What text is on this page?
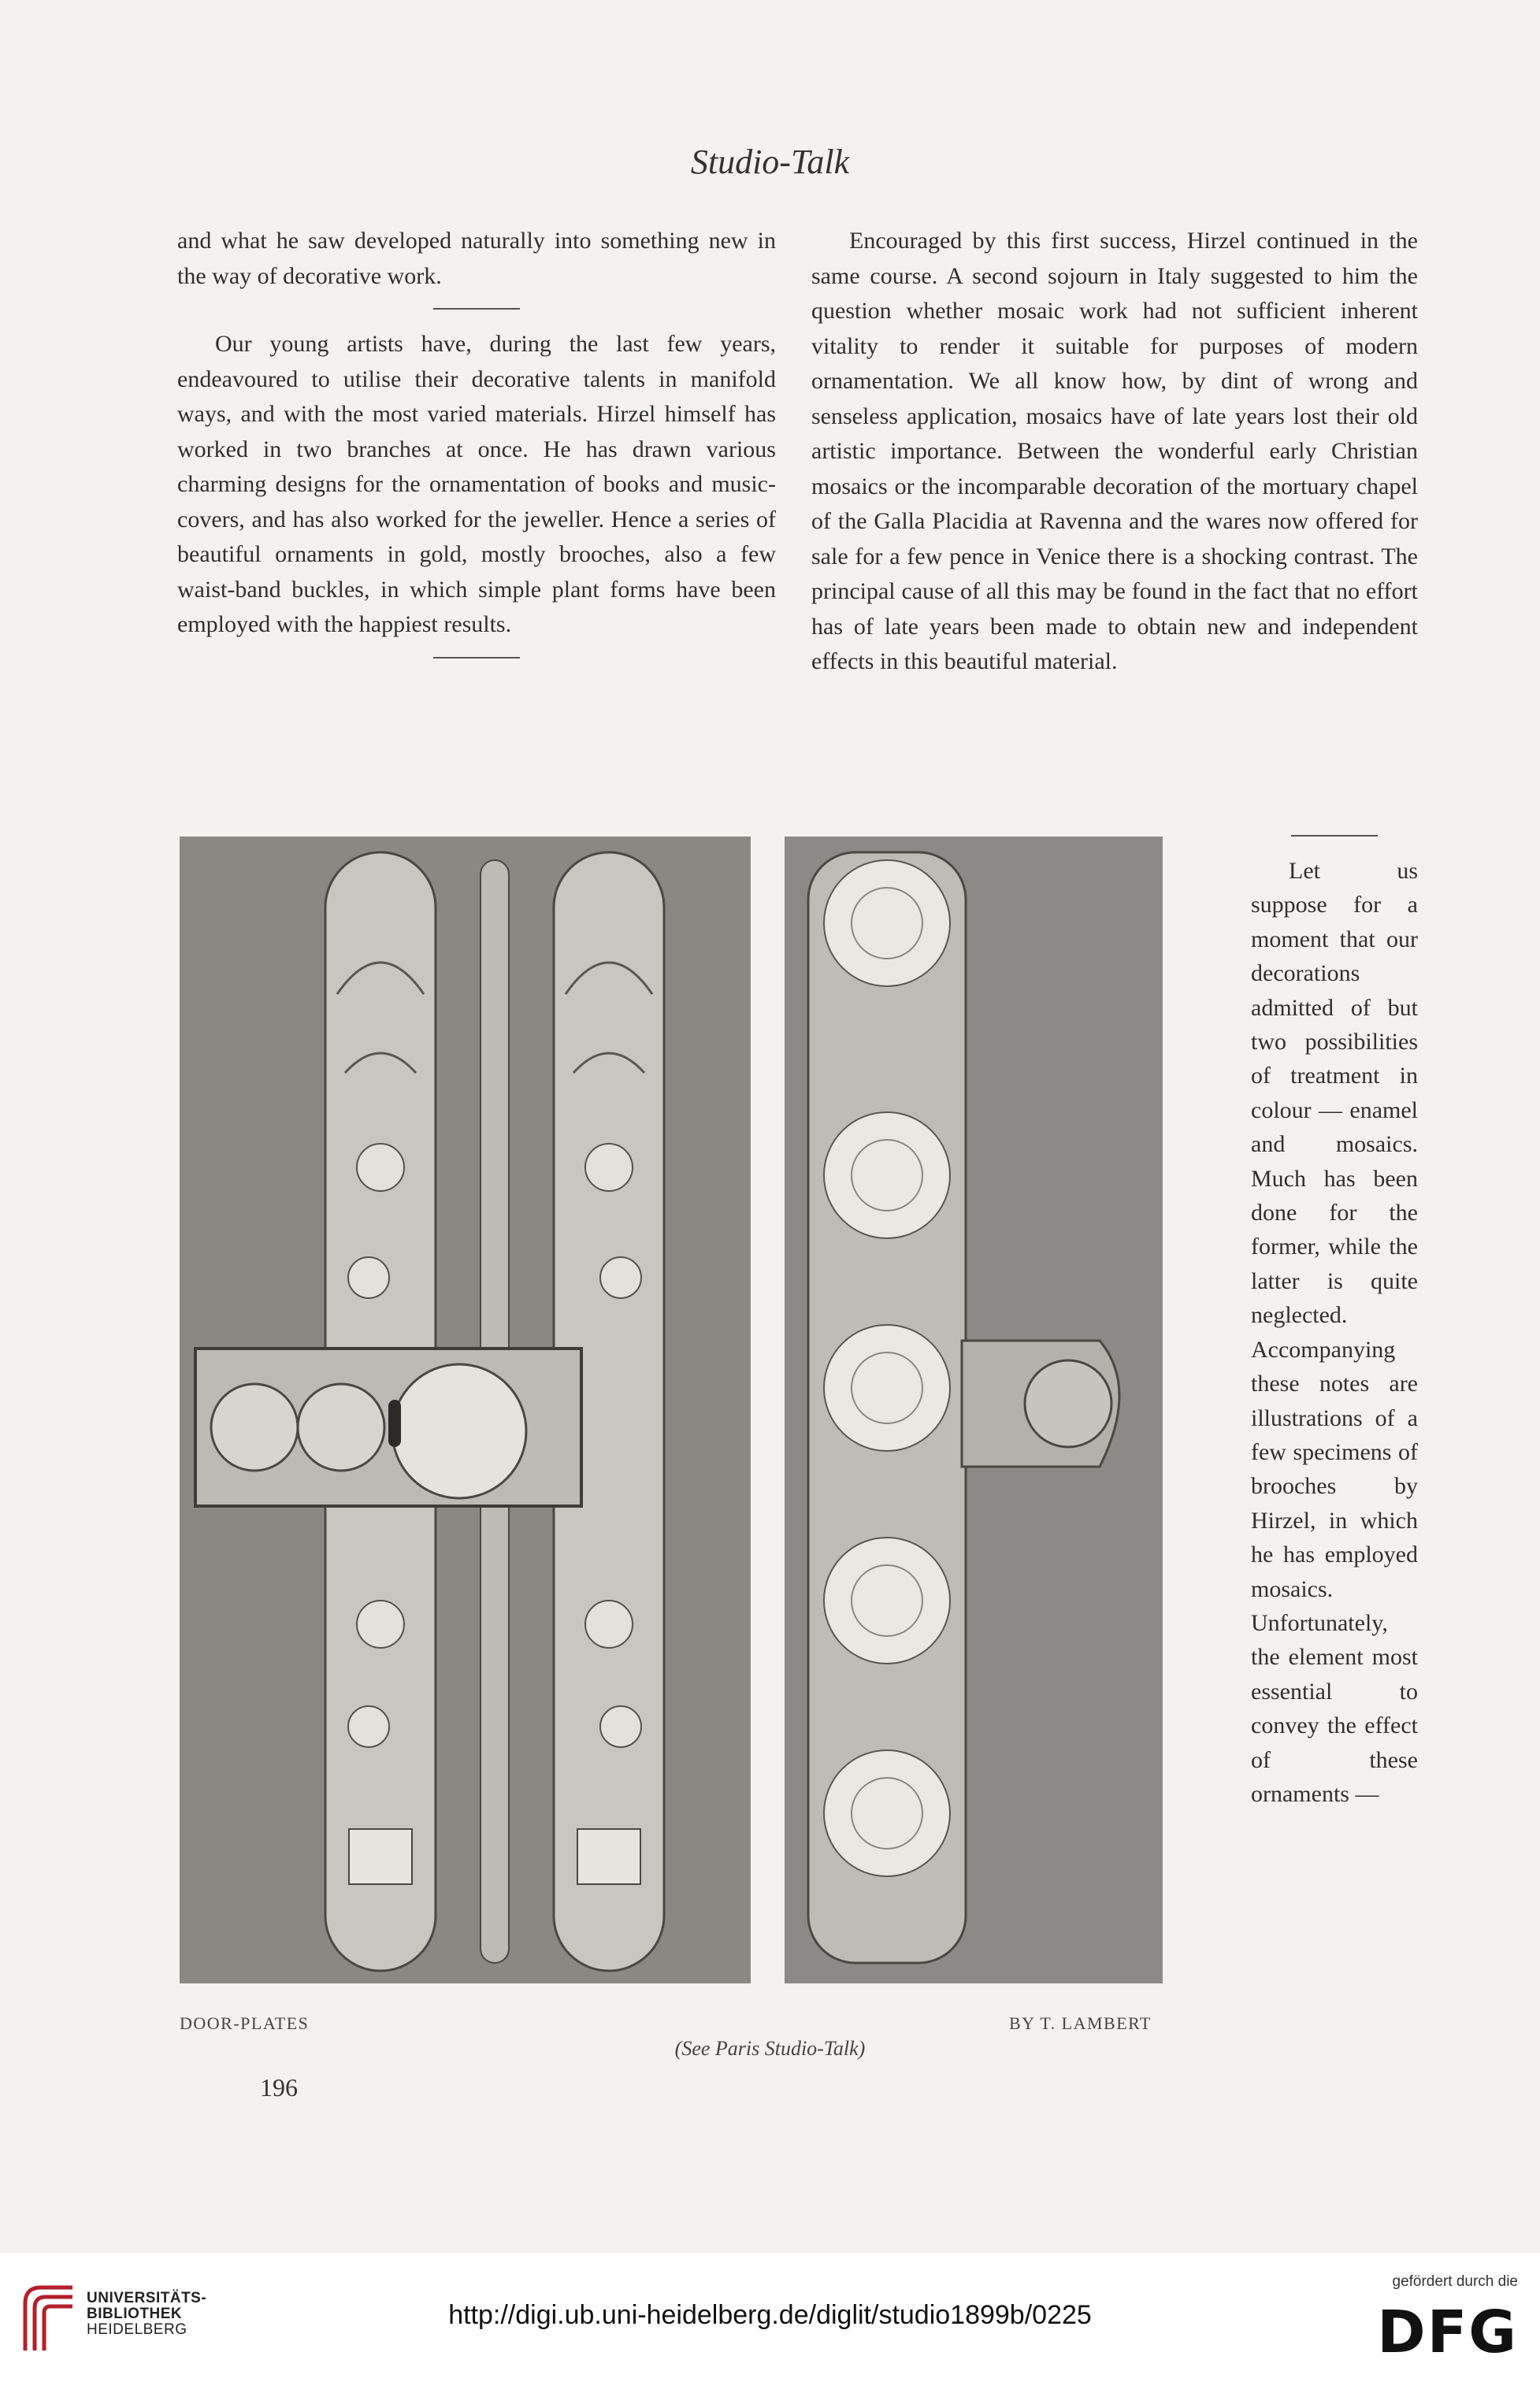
Studio-Talk

and what he saw developed naturally into something new in the way of decorative work.

Our young artists have, during the last few years, endeavoured to utilise their decorative talents in manifold ways, and with the most varied materials. Hirzel himself has worked in two branches at once. He has drawn various charming designs for the ornamentation of books and music-covers, and has also worked for the jeweller. Hence a series of beautiful ornaments in gold, mostly brooches, also a few waist-band buckles, in which simple plant forms have been employed with the happiest results.

Encouraged by this first success, Hirzel continued in the same course. A second sojourn in Italy suggested to him the question whether mosaic work had not sufficient inherent vitality to render it suitable for purposes of modern ornamentation. We all know how, by dint of wrong and senseless application, mosaics have of late years lost their old artistic importance. Between the wonderful early Christian mosaics or the incomparable decoration of the mortuary chapel of the Galla Placidia at Ravenna and the wares now offered for sale for a few pence in Venice there is a shocking contrast. The principal cause of all this may be found in the fact that no effort has of late years been made to obtain new and independent effects in this beautiful material.

Let us suppose for a moment that our decorations admitted of but two possibilities of treatment in colour — enamel and mosaics. Much has been done for the former, while the latter is quite neglected. Accompanying these notes are illustrations of a few specimens of brooches by Hirzel, in which he has employed mosaics. Unfortunately, the element most essential to convey the effect of these ornaments —

DOOR-PLATES	BY T. LAMBERT
(See Paris Studio-Talk)
196
UNIVERSITÄTS-
BIBLIOTHEK
HEIDELBERG	http://digi.ub.uni-heidelberg.de/diglit/studio1899b/0225
gefördert durch die
DFG
